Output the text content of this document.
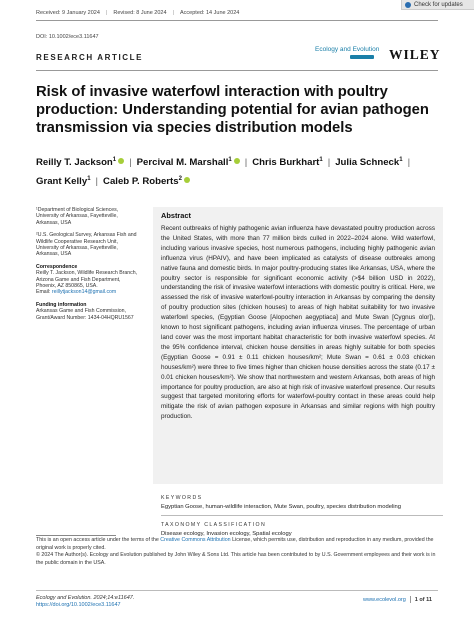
Check for updates
Received: 9 January 2024 | Revised: 8 June 2024 | Accepted: 14 June 2024
DOI: 10.1002/ece3.11647
Ecology and Evolution WILEY
RESEARCH ARTICLE
Risk of invasive waterfowl interaction with poultry production: Understanding potential for avian pathogen transmission via species distribution models
Reilly T. Jackson$^1$ | Percival M. Marshall$^1$ | Chris Burkhart$^1$ | Julia Schneck$^1$ |
Grant Kelly$^1$ | Caleb P. Roberts$^2$
¹Department of Biological Sciences, University of Arkansas, Fayetteville, Arkansas, USA
²U.S. Geological Survey, Arkansas Fish and Wildlife Cooperative Research Unit, University of Arkansas, Fayetteville, Arkansas, USA
Correspondence
Reilly T. Jackson, Wildlife Research Branch, Arizona Game and Fish Department, Phoenix, AZ 850865, USA.
Email: reillytjackson14@gmail.com
Funding information
Arkansas Game and Fish Commission, Grant/Award Number: 1434-04HQRU1567
Abstract
Recent outbreaks of highly pathogenic avian influenza have devastated poultry production across the United States, with more than 77 million birds culled in 2022–2024 alone. Wild waterfowl, including various invasive species, host numerous pathogens, including highly pathogenic avian influenza virus (HPAIV), and have been implicated as catalysts of disease outbreaks among native fauna and domestic birds. In major poultry-producing states like Arkansas, USA, where the poultry sector is responsible for significant economic activity (>$4 billion USD in 2022), understanding the risk of invasive waterfowl interactions with domestic poultry is critical. Here, we assessed the risk of invasive waterfowl-poultry interaction in Arkansas by comparing the density of poultry production sites (chicken houses) to areas of high habitat suitability for two invasive waterfowl species, (Egyptian Goose [Alopochen aegyptiaca] and Mute Swan [Cygnus olor]), known to host significant pathogens, including avian influenza viruses. The percentage of urban land cover was the most important habitat characteristic for both invasive waterfowl species. At the 95% confidence interval, chicken house densities in areas highly suitable for both species (Egyptian Goose = 0.91 ± 0.11 chicken houses/km²; Mute Swan = 0.61 ± 0.03 chicken houses/km²) were three to five times higher than chicken house densities across the state (0.17 ± 0.01 chicken houses/km²). We show that northwestern and western Arkansas, both areas of high importance for poultry production, are also at high risk of invasive waterfowl presence. Our results suggest that targeted monitoring efforts for waterfowl-poultry contact in these areas could help mitigate the risk of avian pathogen exposure in Arkansas and similar regions with high poultry production.
KEYWORDS
Egyptian Goose, human-wildlife interaction, Mute Swan, poultry, species distribution modeling
TAXONOMY CLASSIFICATION
Disease ecology, Invasion ecology, Spatial ecology
This is an open access article under the terms of the Creative Commons Attribution License, which permits use, distribution and reproduction in any medium, provided the original work is properly cited.
© 2024 The Author(s). Ecology and Evolution published by John Wiley & Sons Ltd. This article has been contributed to by U.S. Government employees and their work is in the public domain in the USA.
Ecology and Evolution. 2024;14:e11647.
https://doi.org/10.1002/ece3.11647
www.ecolevol.org 1 of 11
